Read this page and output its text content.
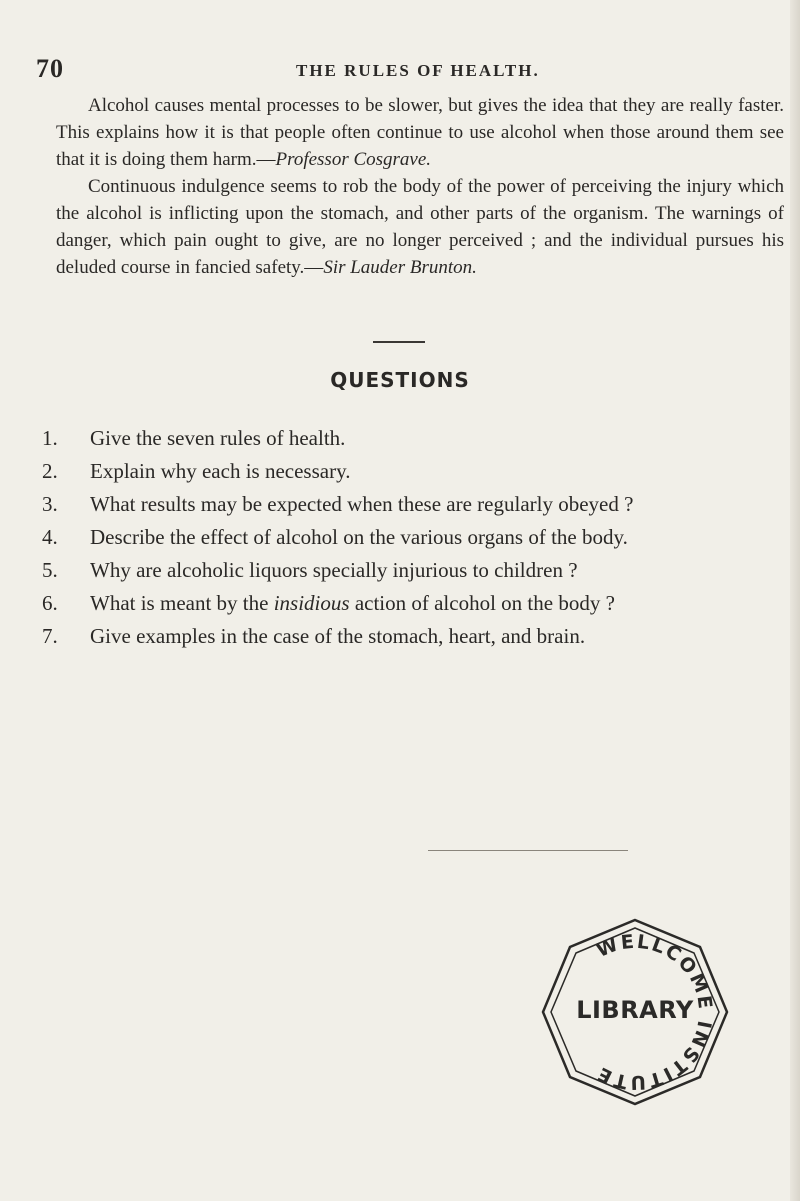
70	THE RULES OF HEALTH.

Alcohol causes mental processes to be slower, but gives the idea that they are really faster. This explains how it is that people often continue to use alcohol when those around them see that it is doing them harm.—Professor Cosgrave.

Continuous indulgence seems to rob the body of the power of perceiving the injury which the alcohol is inflicting upon the stomach, and other parts of the organism. The warnings of danger, which pain ought to give, are no longer perceived ; and the individual pursues his deluded course in fancied safety.—Sir Lauder Brunton.

QUESTIONS
1. Give the seven rules of health.
2. Explain why each is necessary.
3. What results may be expected when these are regularly obeyed ?
4. Describe the effect of alcohol on the various organs of the body.
5. Why are alcoholic liquors specially injurious to children ?
6. What is meant by the insidious action of alcohol on the body ?
7. Give examples in the case of the stomach, heart, and brain.
WELLCOME INSTITUTE
LIBRARY
